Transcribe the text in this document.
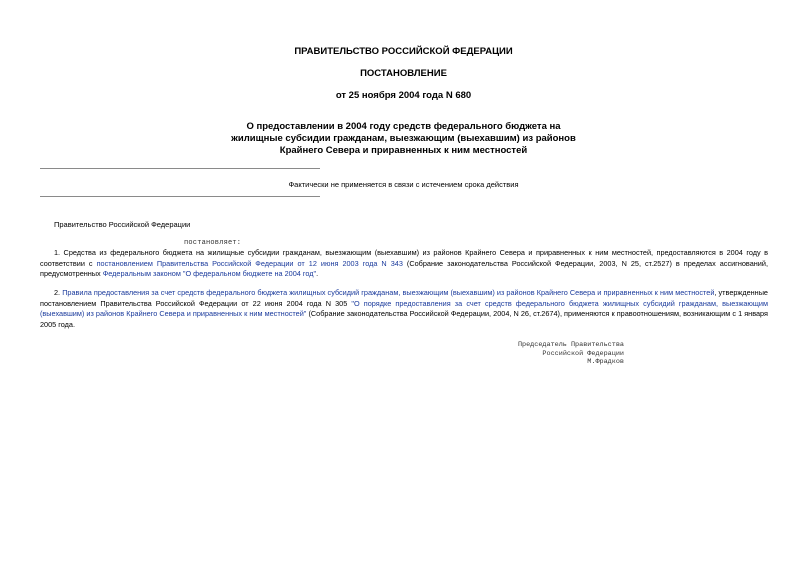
ПРАВИТЕЛЬСТВО РОССИЙСКОЙ ФЕДЕРАЦИИ
ПОСТАНОВЛЕНИЕ
от 25 ноября 2004 года N 680
О предоставлении в 2004 году средств федерального бюджета на
жилищные субсидии гражданам, выезжающим (выехавшим) из районов
Крайнего Севера и приравненных к ним местностей
Фактически не применяется в связи с истечением срока действия
Правительство Российской Федерации
постановляет:
1. Средства из федерального бюджета на жилищные субсидии гражданам, выезжающим (выехавшим) из районов Крайнего Севера и приравненных к ним местностей, предоставляются в 2004 году в соответствии с постановлением Правительства Российской Федерации от 12 июня 2003 года N 343 (Собрание законодательства Российской Федерации, 2003, N 25, ст.2527) в пределах ассигнований, предусмотренных Федеральным законом "О федеральном бюджете на 2004 год".
2. Правила предоставления за счет средств федерального бюджета жилищных субсидий гражданам, выезжающим (выехавшим) из районов Крайнего Севера и приравненных к ним местностей, утвержденные постановлением Правительства Российской Федерации от 22 июня 2004 года N 305 "О порядке предоставления за счет средств федерального бюджета жилищных субсидий гражданам, выезжающим (выехавшим) из районов Крайнего Севера и приравненных к ним местностей" (Собрание законодательства Российской Федерации, 2004, N 26, ст.2674), применяются к правоотношениям, возникающим с 1 января 2005 года.
Председатель Правительства
Российской Федерации
М.Фрадков
